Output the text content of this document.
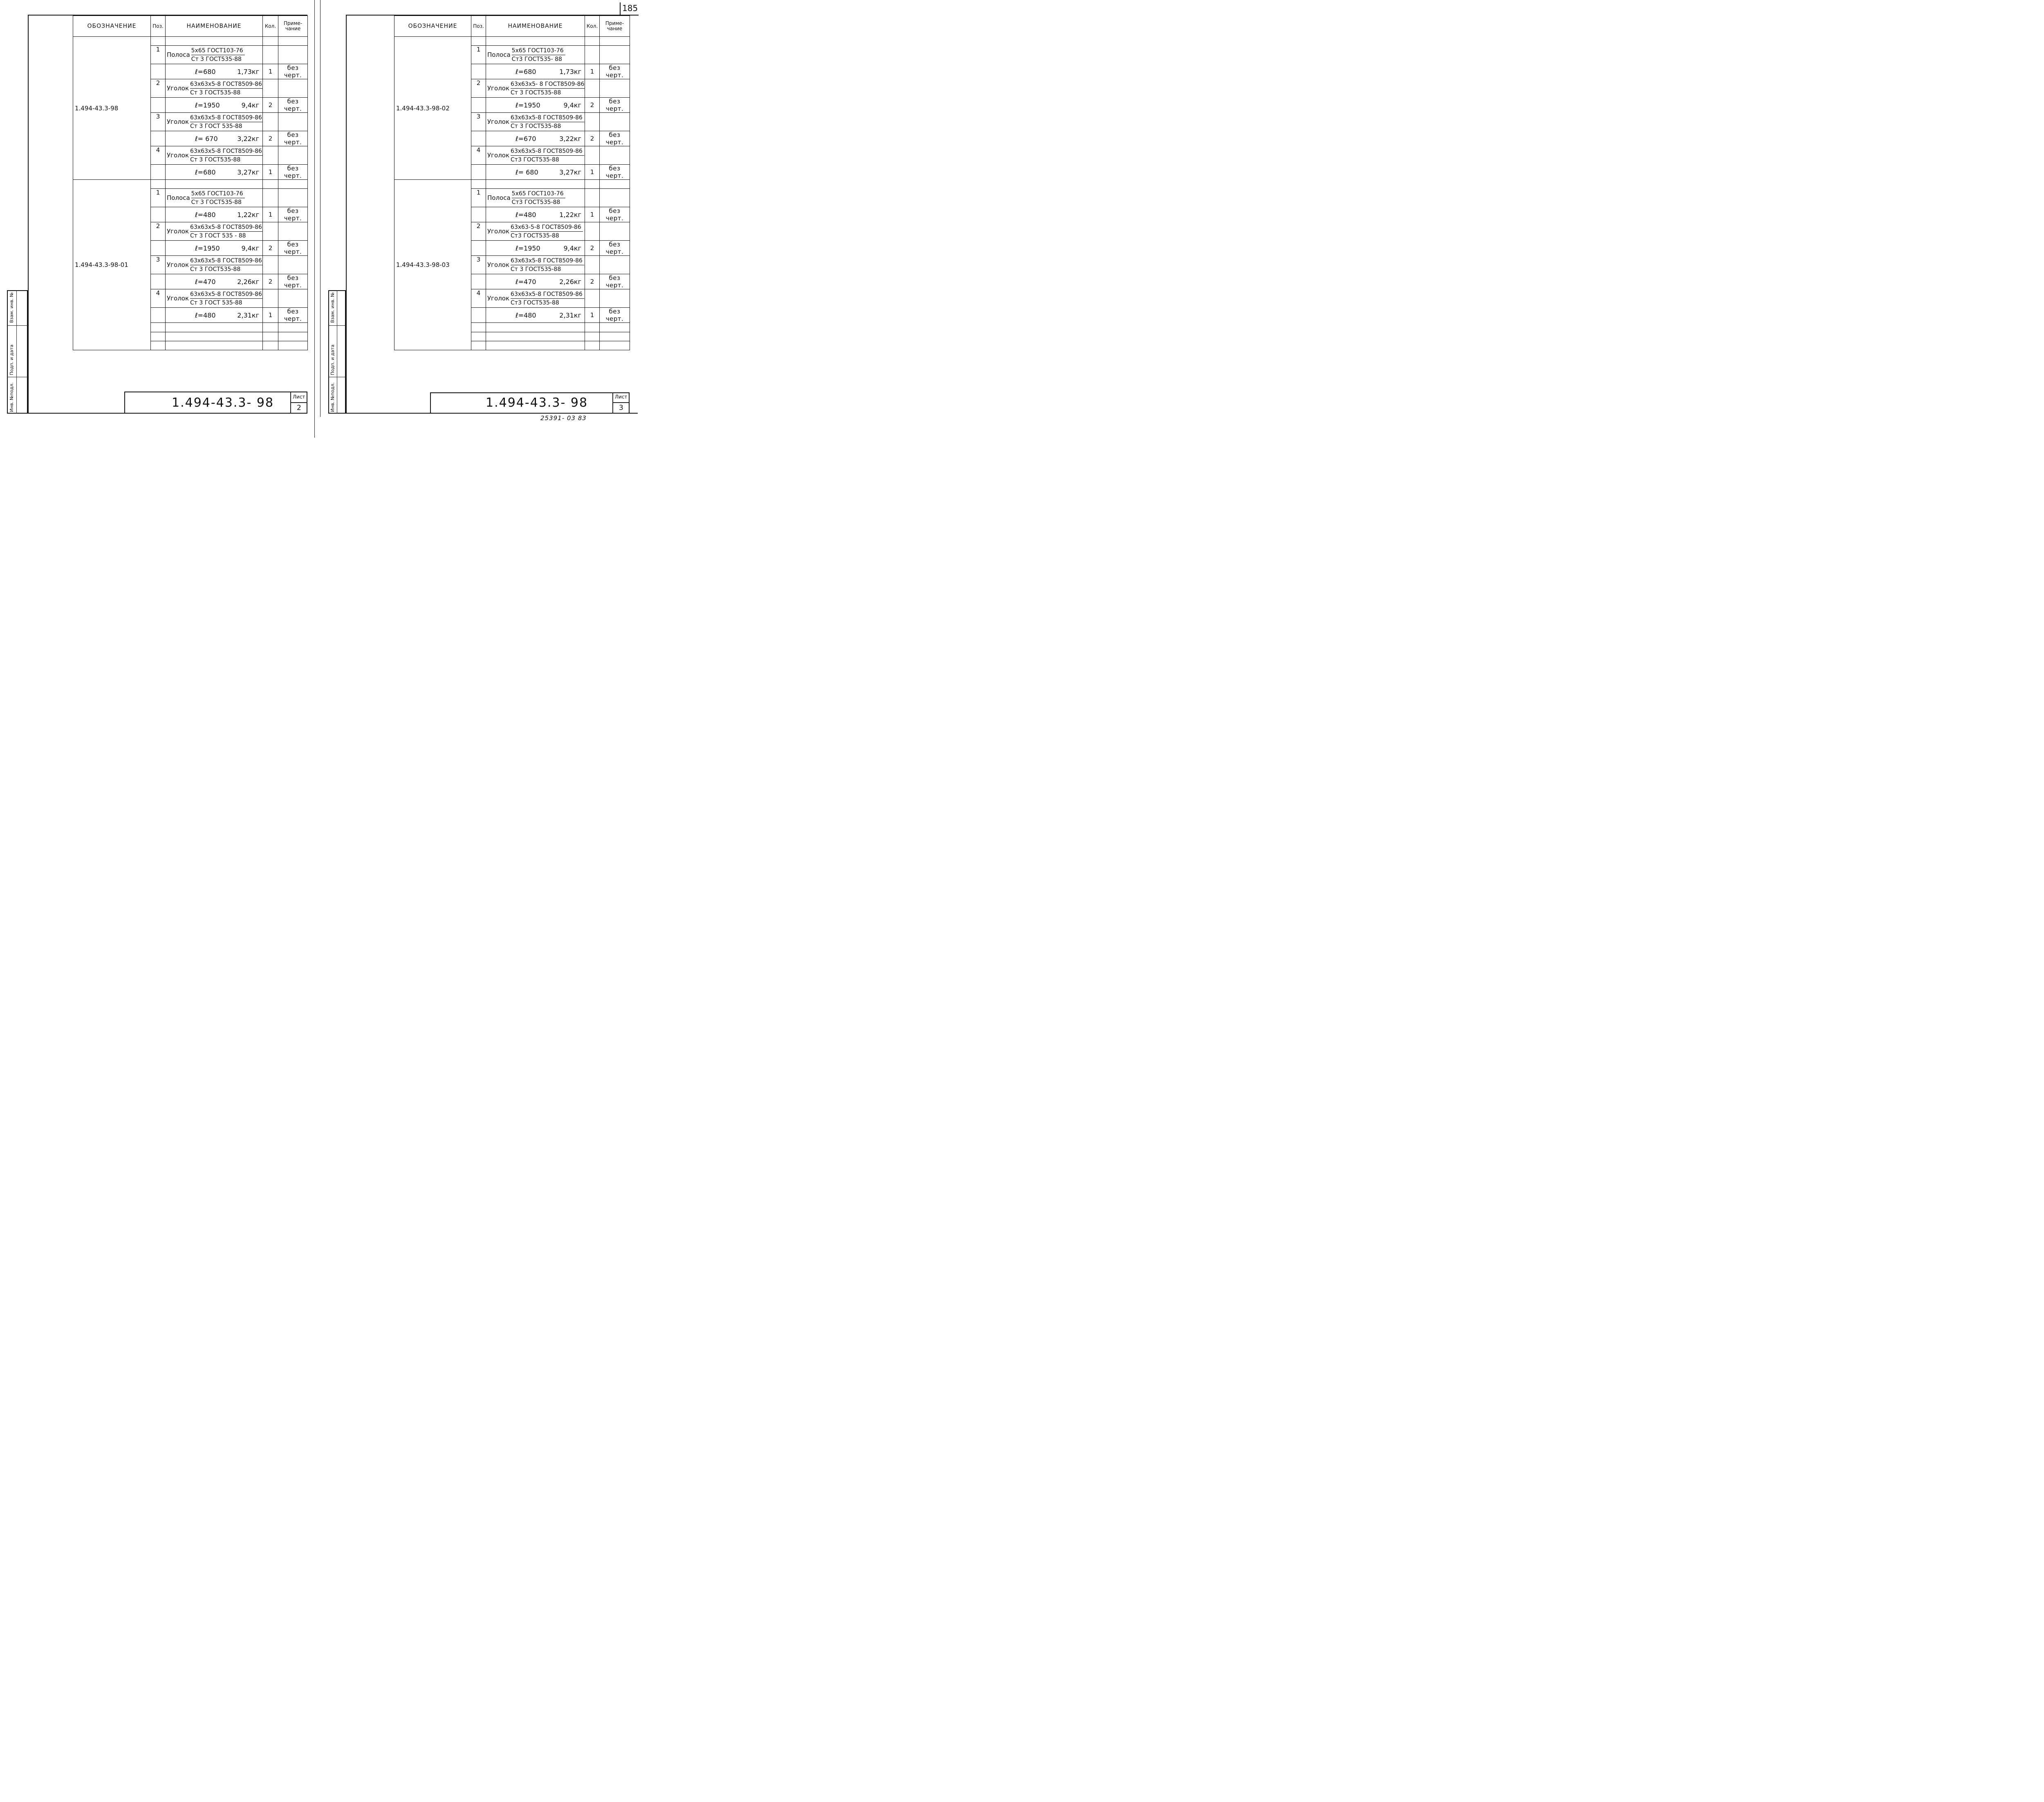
185
25391- 03 83
Взам. инв. №
Подп. и дата
Инв. №подл.
Взам. инв. №
Подп. и дата
Инв. №подл.
ОБОЗНАЧЕНИЕ	Поз.	НАИМЕНОВАНИЕ	Кол.	Приме-
чание
1.494-43.3-98				
	1	Полоса $\frac{\text{5х65 ГОСТ103-76}}{\text{Ст 3 ГОСТ535-88}}$

		ℓ=680 1,73кг	1	без черт.
	2	Уголок $\frac{\text{63х63х5-8 ГОСТ8509-86}}{\text{Ст 3 ГОСТ535-88}}$

		ℓ=1950 9,4кг	2	без черт.
	3	Уголок $\frac{\text{63х63х5-8 ГОСТ8509-86}}{\text{Ст 3 ГОСТ 535-88}}$

		ℓ= 670 3,22кг	2	без черт.
	4	Уголок $\frac{\text{63х63х5-8 ГОСТ8509-86}}{\text{Ст 3 ГОСТ535-88}}$

		ℓ=680 3,27кг	1	без черт.
1.494-43.3-98-01				
	1	Полоса $\frac{\text{5х65 ГОСТ103-76}}{\text{Ст 3 ГОСТ535-88}}$

		ℓ=480 1,22кг	1	без черт.
	2	Уголок $\frac{\text{63х63х5-8 ГОСТ8509-86}}{\text{Ст 3 ГОСТ 535 - 88}}$

		ℓ=1950 9,4кг	2	без черт.
	3	Уголок $\frac{\text{63х63х5-8 ГОСТ8509-86}}{\text{Ст 3 ГОСТ535-88}}$

		ℓ=470 2,26кг	2	без черт.
	4	Уголок $\frac{\text{63х63х5-8 ГОСТ8509-86}}{\text{Ст 3 ГОСТ 535-88}}$

		ℓ=480 2,31кг	1	без черт.

ОБОЗНАЧЕНИЕ	Поз.	НАИМЕНОВАНИЕ	Кол.	Приме-
чание
1.494-43.3-98-02				
	1	Полоса $\frac{\text{5х65 ГОСТ103-76}}{\text{Ст3 ГОСТ535- 88}}$

		ℓ=680 1,73кг	1	без черт.
	2	Уголок $\frac{\text{63х63х5- 8 ГОСТ8509-86}}{\text{Ст 3 ГОСТ535-88}}$

		ℓ=1950 9,4кг	2	без черт.
	3	Уголок $\frac{\text{63х63х5-8 ГОСТ8509-86}}{\text{Ст 3 ГОСТ535-88}}$

		ℓ=670 3,22кг	2	без черт.
	4	Уголок $\frac{\text{63х63х5-8 ГОСТ8509-86}}{\text{Ст3 ГОСТ535-88}}$

		ℓ= 680 3,27кг	1	без черт.
1.494-43.3-98-03				
	1	Полоса $\frac{\text{5х65 ГОСТ103-76}}{\text{Ст3 ГОСТ535-88}}$

		ℓ=480 1,22кг	1	без черт.
	2	Уголок $\frac{\text{63х63-5-8 ГОСТ8509-86}}{\text{Ст3 ГОСТ535-88}}$

		ℓ=1950 9,4кг	2	без черт.
	3	Уголок $\frac{\text{63х63х5-8 ГОСТ8509-86}}{\text{Ст 3 ГОСТ535-88}}$

		ℓ=470 2,26кг	2	без черт.
	4	Уголок $\frac{\text{63х63х5-8 ГОСТ8509-86}}{\text{Ст3 ГОСТ535-88}}$

		ℓ=480 2,31кг	1	без черт.

1.494-43.3- 98	Лист
2	1.494-43.3- 98	Лист
3
